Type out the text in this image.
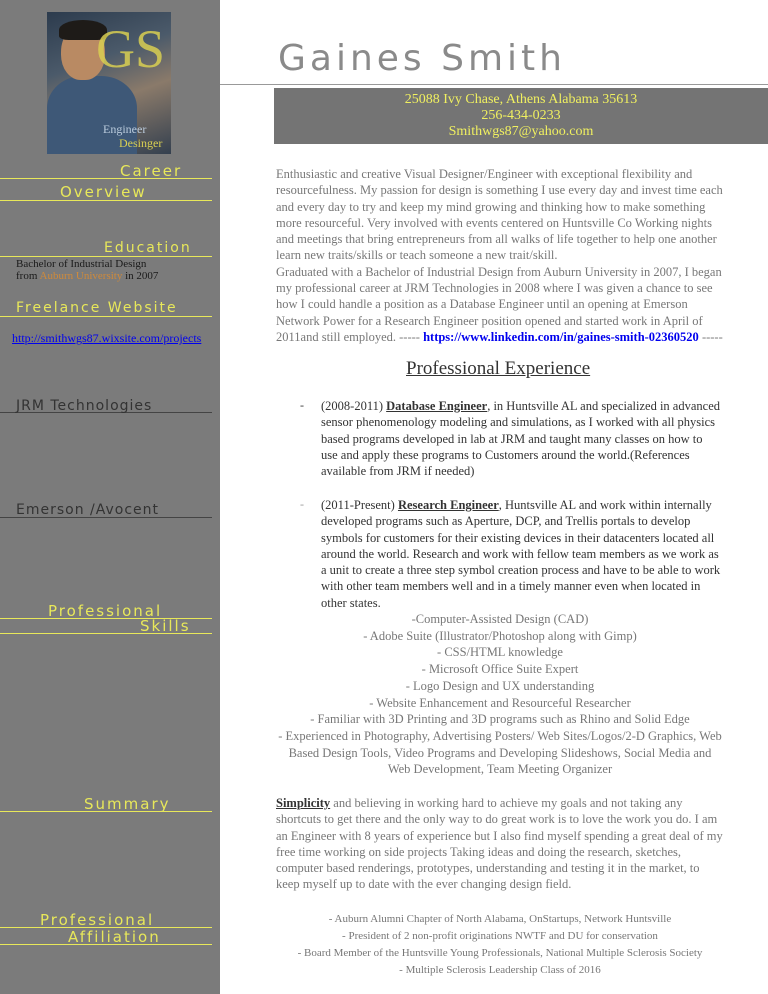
GS
Engineer
Desinger
Career
Overview
Education
Bachelor of Industrial Design
from Auburn University in 2007
Freelance Website
http://smithwgs87.wixsite.com/projects
JRM Technologies
Emerson /Avocent
Professional
Skills
Summary
Professional
Affiliation
Gaines Smith
25088 Ivy Chase, Athens Alabama 35613
256-434-0233
Smithwgs87@yahoo.com
Enthusiastic and creative Visual Designer/Engineer with exceptional flexibility and resourcefulness. My passion for design is something I use every day and invest time each and every day to try and keep my mind growing and thinking how to make something more resourceful. Very involved with events centered on Huntsville Co Working nights and meetings that bring entrepreneurs from all walks of life together to help one another learn new traits/skills or teach someone a new trait/skill.
Graduated with a Bachelor of Industrial Design from Auburn University in 2007, I began my professional career at JRM Technologies in 2008 where I was given a chance to see how I could handle a position as a Database Engineer until an opening at Emerson Network Power for a Research Engineer position opened and started work in April of 2011and still employed. ----- https://www.linkedin.com/in/gaines-smith-02360520 -----
Professional Experience
- (2008-2011) Database Engineer, in Huntsville AL and specialized in advanced sensor phenomenology modeling and simulations, as I worked with all physics based programs developed in lab at JRM and taught many classes on how to use and apply these programs to Customers around the world.(References available from JRM if needed)
- (2011-Present) Research Engineer, Huntsville AL and work within internally developed programs such as Aperture, DCP, and Trellis portals to develop symbols for customers for their existing devices in their datacenters located all around the world. Research and work with fellow team members as we work as a unit to create a three step symbol creation process and have to be able to work with other team members well and in a timely manner even when located in other states.
-Computer-Assisted Design (CAD)
- Adobe Suite (Illustrator/Photoshop along with Gimp)
- CSS/HTML knowledge
- Microsoft Office Suite Expert
- Logo Design and UX understanding
- Website Enhancement and Resourceful Researcher
- Familiar with 3D Printing and 3D programs such as Rhino and Solid Edge
- Experienced in Photography, Advertising Posters/ Web Sites/Logos/2-D Graphics, Web Based Design Tools, Video Programs and Developing Slideshows, Social Media and Web Development, Team Meeting Organizer
Simplicity and believing in working hard to achieve my goals and not taking any shortcuts to get there and the only way to do great work is to love the work you do. I am an Engineer with 8 years of experience but I also find myself spending a great deal of my free time working on side projects Taking ideas and doing the research, sketches, computer based renderings, prototypes, understanding and testing it in the market, to keep myself up to date with the ever changing design field.
- Auburn Alumni Chapter of North Alabama, OnStartups, Network Huntsville
- President of 2 non-profit originations NWTF and DU for conservation
- Board Member of the Huntsville Young Professionals, National Multiple Sclerosis Society
- Multiple Sclerosis Leadership Class of 2016
